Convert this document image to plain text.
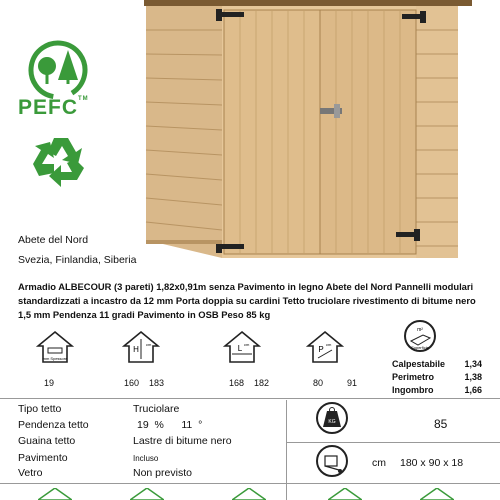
PEFC™
Abete del Nord
Svezia, Finlandia, Siberia
Armadio ALBECOUR (3 pareti) 1,82x0,91m senza Pavimento in legno Abete del Nord Pannelli modulari standardizzati a incastro da 12 mm Porta doppia su cardini Tetto truciolare rivestimento di bitume nero 1,5 mm Pendenza 11 gradi Pavimento in OSB Peso 85 kg
mm Spessore
19
H
cm
160 183
L cm
168 182
P
cm
80	91
m²
Superficie
Calpestabile 1,34
Perimetro	1,38
Ingombro	1,66
Tipo tetto	Truciolare
Pendenza tetto	19  %      11  °
Guaina tetto	Lastre di bitume nero
Pavimento	Incluso
Vetro	Non previsto
KG	85
cm 180 x 90 x 18
